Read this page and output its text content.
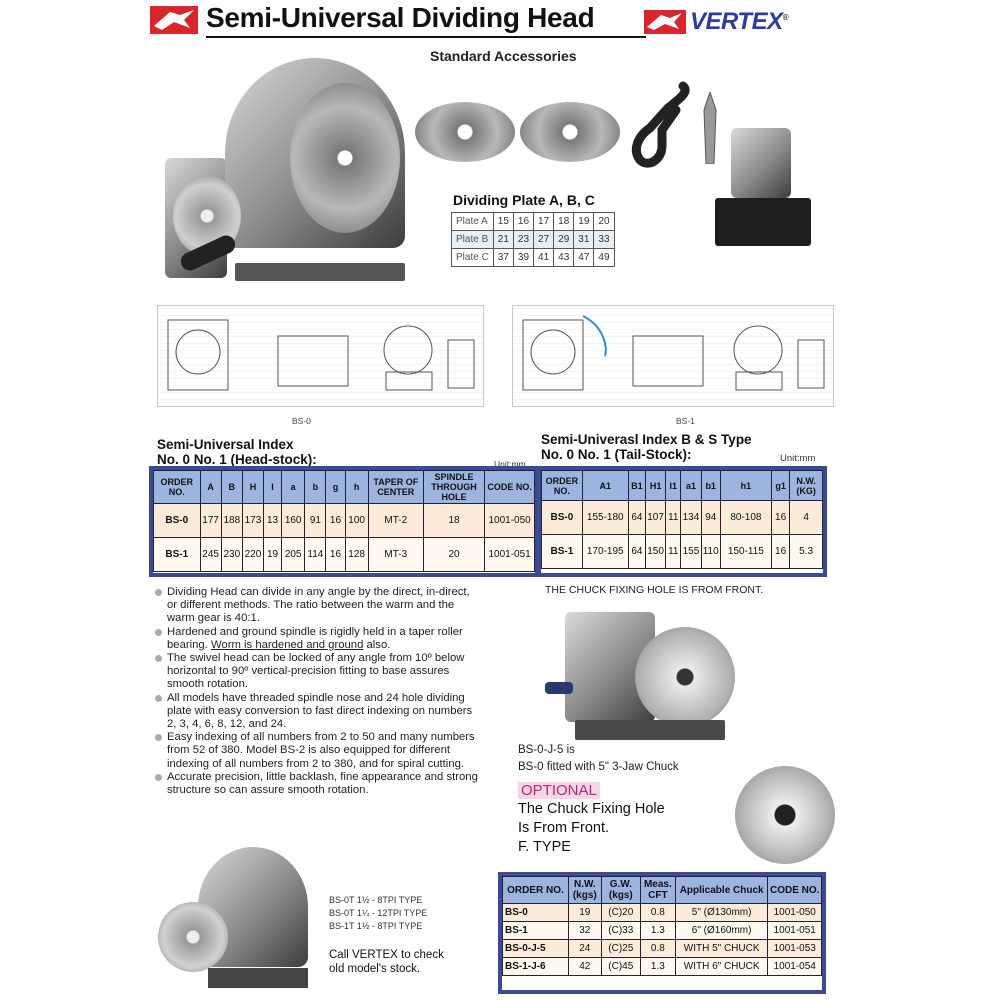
Semi-Universal Dividing Head	VERTEX®
Standard Accessories
Dividing Plate A, B, C
Plate A	15	16	17	18	19	20
Plate B	21	23	27	29	31	33
Plate C	37	39	41	43	47	49
BS-0	BS-1
Semi-Universal Index
No. 0 No. 1 (Head-stock):	Unit:mm
ORDER NO.	A	B	H	I	a	b	g	h	TAPER OF CENTER	SPINDLE THROUGH HOLE	CODE NO.
BS-0	177	188	173	13	160	91	16	100	MT-2	18	1001-050
BS-1	245	230	220	19	205	114	16	128	MT-3	20	1001-051
Semi-Univerasl Index B & S Type
No. 0 No. 1 (Tail-Stock):	Unit:mm
ORDER NO.	A1	B1	H1	I1	a1	b1	h1	g1	N.W. (KG)
BS-0	155-180	64	107	11	134	94	80-108	16	4
BS-1	170-195	64	150	11	155	110	150-115	16	5.3
Dividing Head can divide in any angle by the direct, in-direct, or different methods. The ratio between the warm and the warm gear is 40:1.
Hardened and ground spindle is rigidly held in a taper roller bearing. Worm is hardened and ground also.
The swivel head can be locked of any angle from 10º below horizontal to 90º vertical-precision fitting to base assures smooth rotation.
All models have threaded spindle nose and 24 hole dividing plate with easy conversion to fast direct indexing on numbers 2, 3, 4, 6, 8, 12, and 24.
Easy indexing of all numbers from 2 to 50 and many numbers from 52 of 380. Model BS-2 is also equipped for different indexing of all numbers from 2 to 380, and for spiral cutting.
Accurate precision, little backlash, fine appearance and strong structure so can assure smooth rotation.
THE CHUCK FIXING HOLE IS FROM FRONT.
BS-0-J-5 is
BS-0 fitted with 5" 3-Jaw Chuck
OPTIONAL
The Chuck Fixing Hole
Is From Front.
F. TYPE
BS-0T 1½ - 8TPI TYPE
BS-0T 1¼ - 12TPI TYPE
BS-1T 1½ - 8TPI TYPE
Call VERTEX to check
old model's stock.
ORDER NO.	N.W. (kgs)	G.W. (kgs)	Meas. CFT	Applicable Chuck	CODE NO.
BS-0	19	(C)20	0.8	5" (Ø130mm)	1001-050
BS-1	32	(C)33	1.3	6" (Ø160mm)	1001-051
BS-0-J-5	24	(C)25	0.8	WITH 5" CHUCK	1001-053
BS-1-J-6	42	(C)45	1.3	WITH 6" CHUCK	1001-054
